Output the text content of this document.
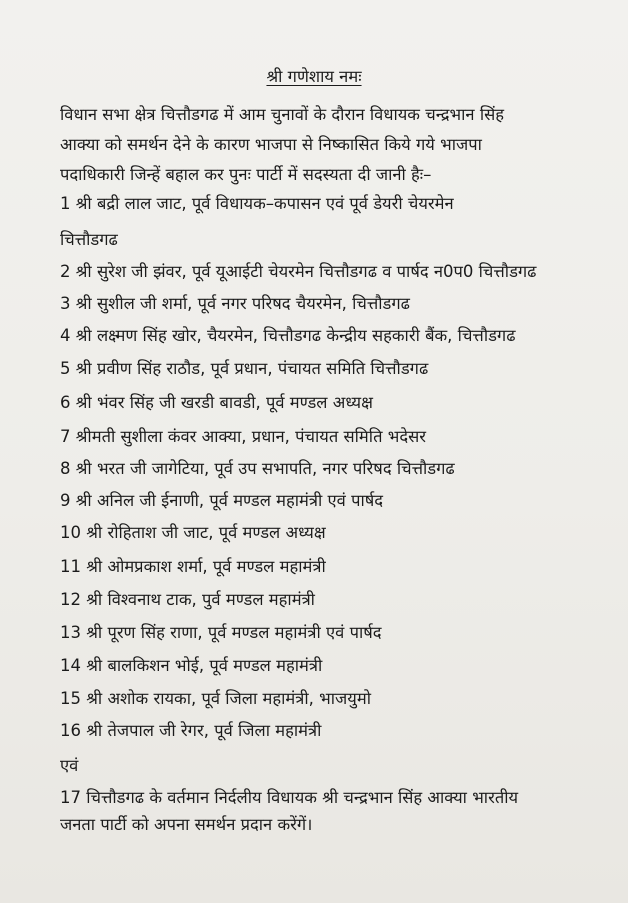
श्री गणेशाय नमः
विधान सभा क्षेत्र चित्तौडगढ में आम चुनावों के दौरान विधायक चन्द्रभान सिंह
आक्या को समर्थन देने के कारण भाजपा से निष्कासित किये गये भाजपा
पदाधिकारी जिन्हें बहाल कर पुनः पार्टी में सदस्यता दी जानी हैः–
1 श्री बद्री लाल जाट, पूर्व विधायक–कपासन एवं पूर्व डेयरी चेयरमेन
चित्तौडगढ
2 श्री सुरेश जी झंवर, पूर्व यूआईटी चेयरमेन चित्तौडगढ व पार्षद न0प0 चित्तौडगढ
3 श्री सुशील जी शर्मा, पूर्व नगर परिषद चैयरमेन, चित्तौडगढ
4 श्री लक्ष्मण सिंह खोर, चैयरमेन, चित्तौडगढ केन्द्रीय सहकारी बैंक, चित्तौडगढ
5 श्री प्रवीण सिंह राठौड, पूर्व प्रधान, पंचायत समिति चित्तौडगढ
6 श्री भंवर सिंह जी खरडी बावडी, पूर्व मण्डल अध्यक्ष
7 श्रीमती सुशीला कंवर आक्या, प्रधान, पंचायत समिति भदेसर
8 श्री भरत जी जागेटिया, पूर्व उप सभापति, नगर परिषद चित्तौडगढ
9 श्री अनिल जी ईनाणी, पूर्व मण्डल महामंत्री एवं पार्षद
10 श्री रोहिताश जी जाट, पूर्व मण्डल अध्यक्ष
11 श्री ओमप्रकाश शर्मा, पूर्व मण्डल महामंत्री
12 श्री विश्वनाथ टाक, पुर्व मण्डल महामंत्री
13 श्री पूरण सिंह राणा, पूर्व मण्डल महामंत्री एवं पार्षद
14 श्री बालकिशन भोई, पूर्व मण्डल महामंत्री
15 श्री अशोक रायका, पूर्व जिला महामंत्री, भाजयुमो
16 श्री तेजपाल जी रेगर, पूर्व जिला महामंत्री
एवं
17 चित्तौडगढ के वर्तमान निर्दलीय विधायक श्री चन्द्रभान सिंह आक्या भारतीय
जनता पार्टी को अपना समर्थन प्रदान करेंगें।
